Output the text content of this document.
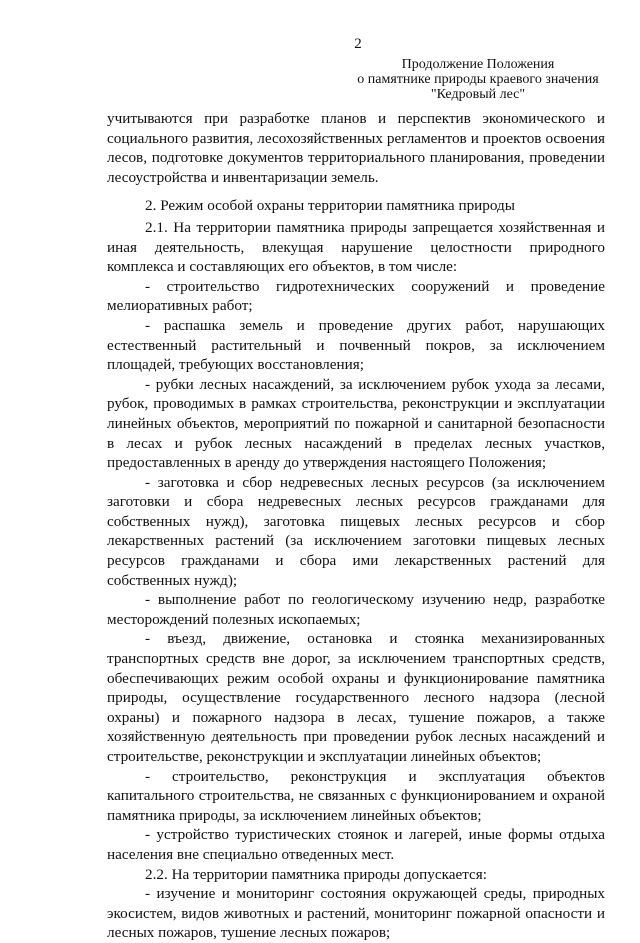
2
Продолжение Положения
о памятнике природы краевого значения
"Кедровый лес"

учитываются при разработке планов и перспектив экономического и социального развития, лесохозяйственных регламентов и проектов освоения лесов, подготовке документов территориального планирования, проведении лесоустройства и инвентаризации земель.

2. Режим особой охраны территории памятника природы

2.1. На территории памятника природы запрещается хозяйственная и иная деятельность, влекущая нарушение целостности природного комплекса и составляющих его объектов, в том числе:

- строительство гидротехнических сооружений и проведение мелиоративных работ;

- распашка земель и проведение других работ, нарушающих естественный растительный и почвенный покров, за исключением площадей, требующих восстановления;

- рубки лесных насаждений, за исключением рубок ухода за лесами, рубок, проводимых в рамках строительства, реконструкции и эксплуатации линейных объектов, мероприятий по пожарной и санитарной безопасности в лесах и рубок лесных насаждений в пределах лесных участков, предоставленных в аренду до утверждения настоящего Положения;

- заготовка и сбор недревесных лесных ресурсов (за исключением заготовки и сбора недревесных лесных ресурсов гражданами для собственных нужд), заготовка пищевых лесных ресурсов и сбор лекарственных растений (за исключением заготовки пищевых лесных ресурсов гражданами и сбора ими лекарственных растений для собственных нужд);

- выполнение работ по геологическому изучению недр, разработке месторождений полезных ископаемых;

- въезд, движение, остановка и стоянка механизированных транспортных средств вне дорог, за исключением транспортных средств, обеспечивающих режим особой охраны и функционирование памятника природы, осуществление государственного лесного надзора (лесной охраны) и пожарного надзора в лесах, тушение пожаров, а также хозяйственную деятельность при проведении рубок лесных насаждений и строительстве, реконструкции и эксплуатации линейных объектов;

- строительство, реконструкция и эксплуатация объектов капитального строительства, не связанных с функционированием и охраной памятника природы, за исключением линейных объектов;

- устройство туристических стоянок и лагерей, иные формы отдыха населения вне специально отведенных мест.

2.2. На территории памятника природы допускается:

- изучение и мониторинг состояния окружающей среды, природных экосистем, видов животных и растений, мониторинг пожарной опасности и лесных пожаров, тушение лесных пожаров;
